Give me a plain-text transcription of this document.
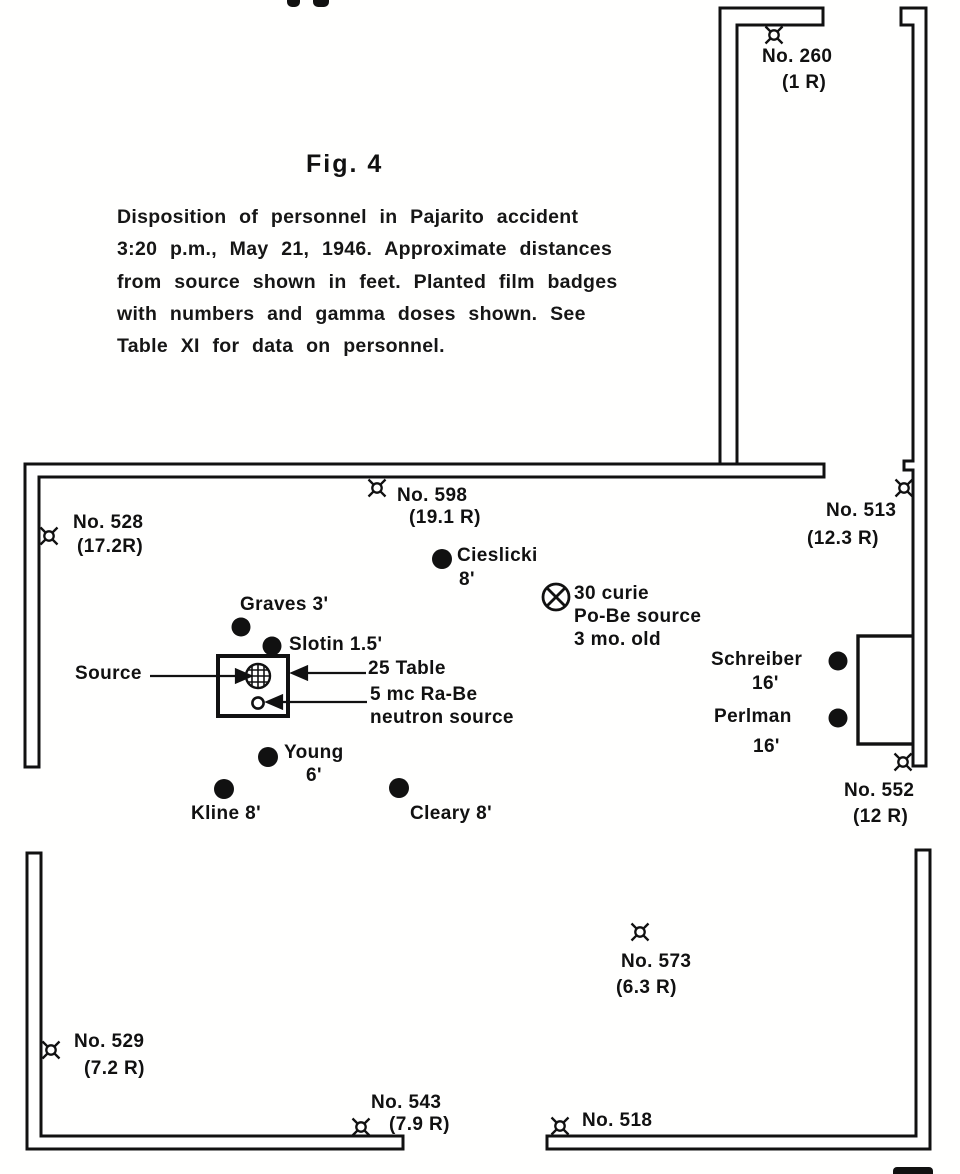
Fig. 4
Disposition of personnel in Pajarito accident
3:20 p.m., May 21, 1946. Approximate distances
from source shown in feet. Planted film badges
with numbers and gamma doses shown. See
Table XI for data on personnel.
No. 260
(1 R)
No. 598
(19.1 R)
No. 528
(17.2R)
No. 513
(12.3 R)
No. 552
(12 R)
No. 573
(6.3 R)
No. 529
(7.2 R)
No. 543
(7.9 R)	No. 518
Graves 3'
Slotin 1.5'
Cieslicki
8'
Young
6'
Kline 8'	Cleary 8'
Schreiber
16'
Perlman
16'
Source	25 Table
5 mc Ra-Be
neutron source
30 curie
Po-Be source
3 mo. old
